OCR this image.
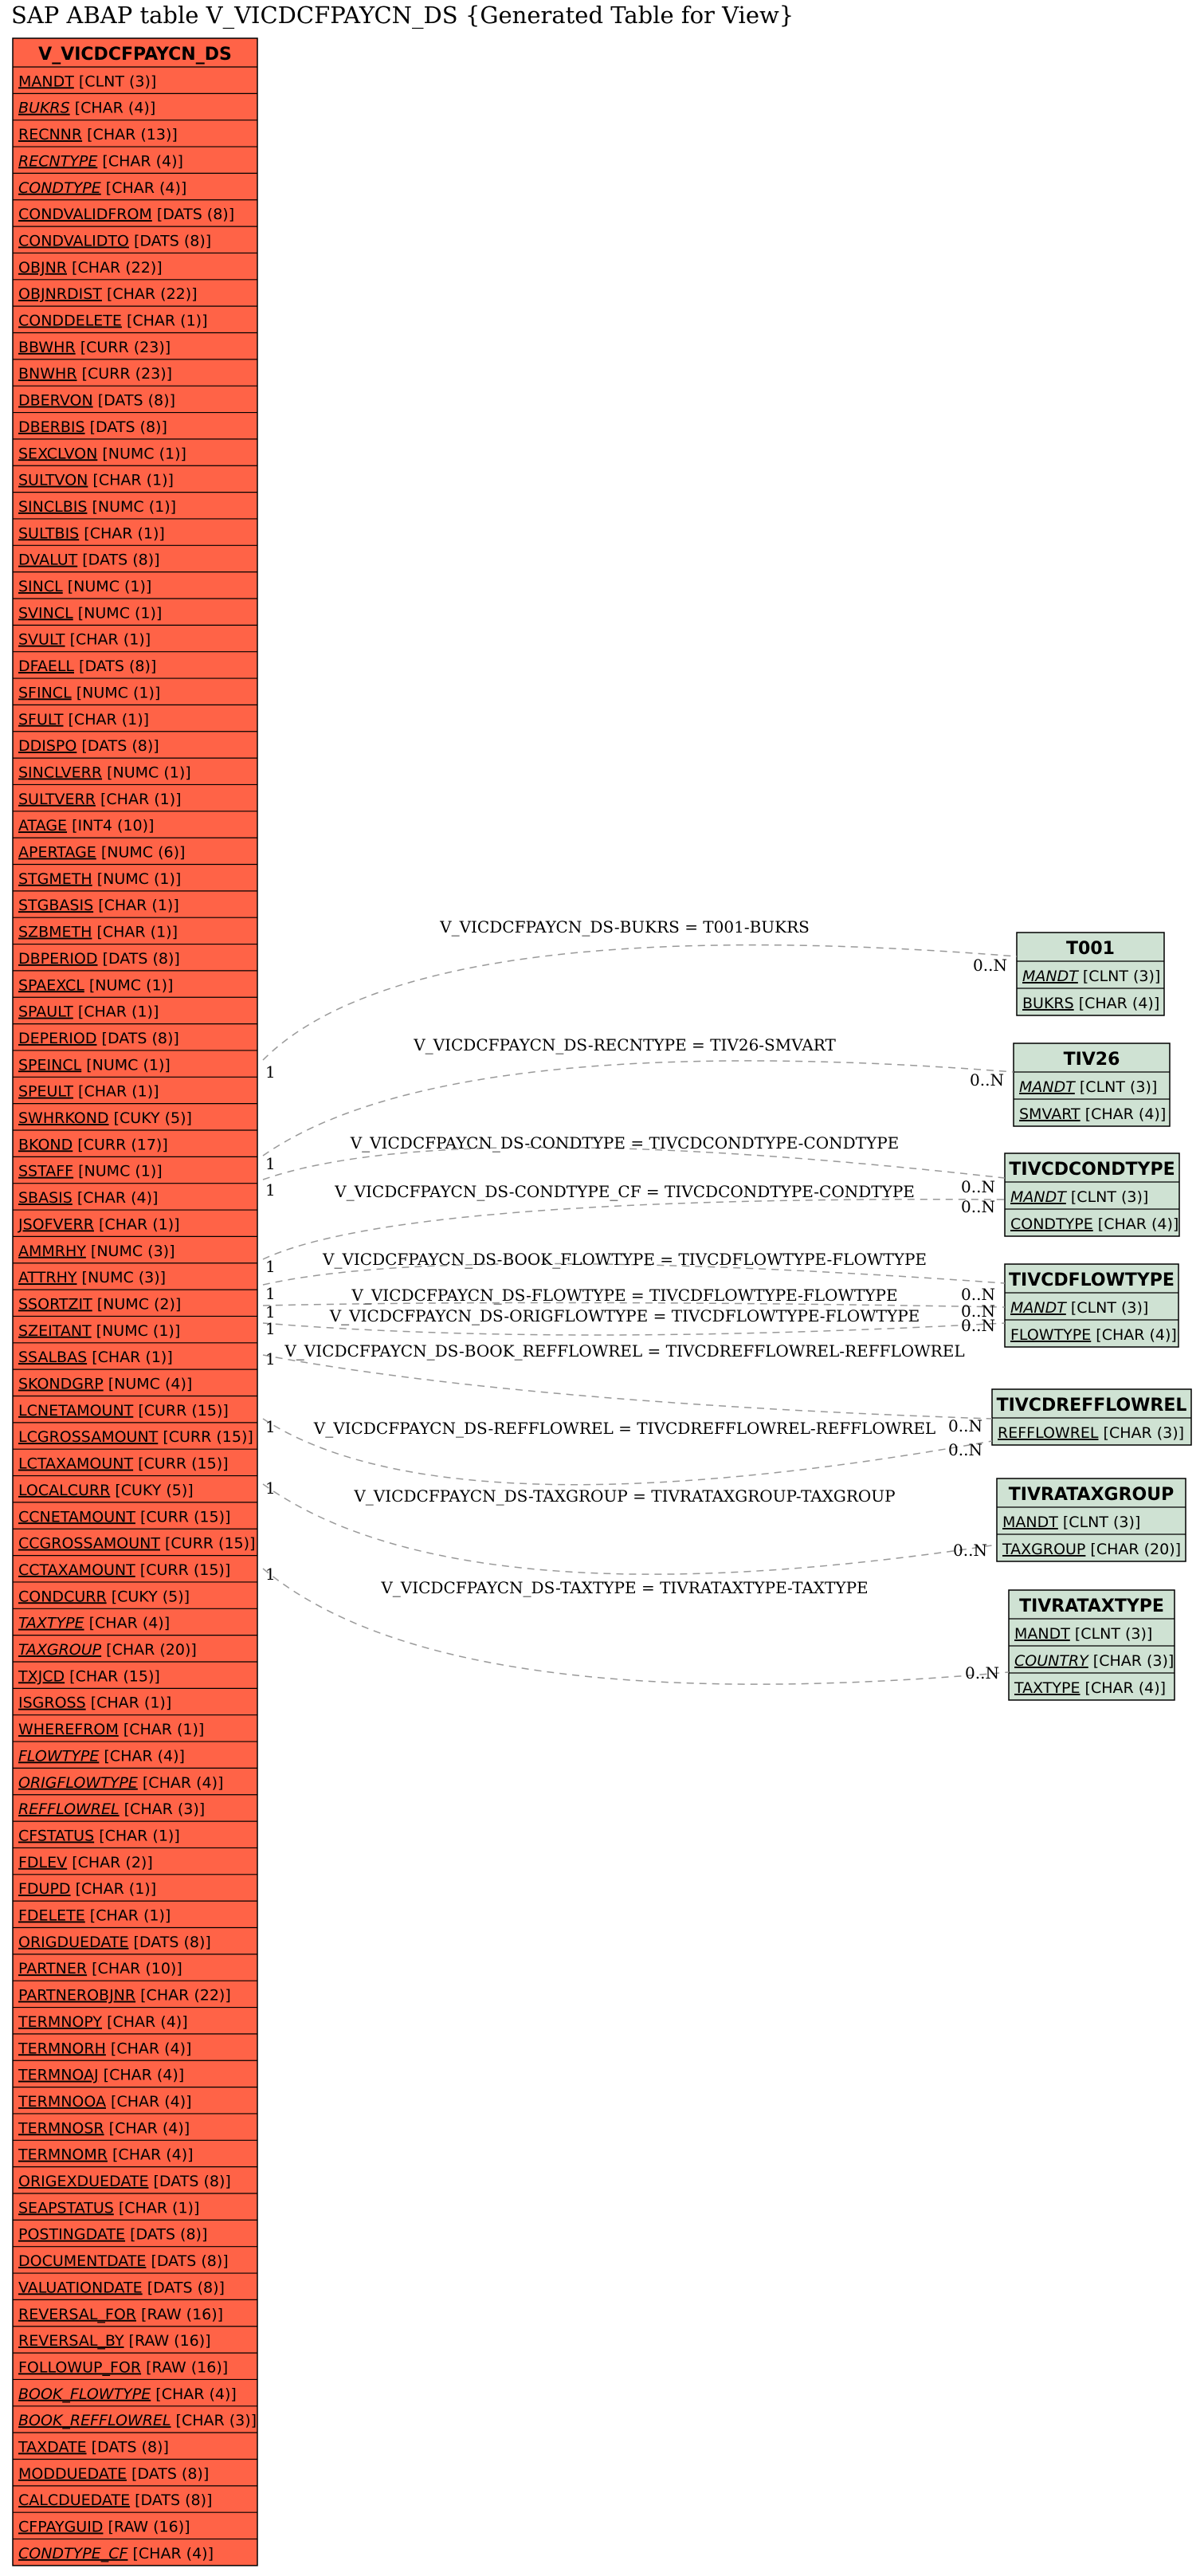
SAP ABAP table V_VICDCFPAYCN_DS {Generated Table for View}
V_VICDCFPAYCN_DS
MANDT [CLNT (3)]
BUKRS [CHAR (4)]
RECNNR [CHAR (13)]
RECNTYPE [CHAR (4)]
CONDTYPE [CHAR (4)]
CONDVALIDFROM [DATS (8)]
CONDVALIDTO [DATS (8)]
OBJNR [CHAR (22)]
OBJNRDIST [CHAR (22)]
CONDDELETE [CHAR (1)]
BBWHR [CURR (23)]
BNWHR [CURR (23)]
DBERVON [DATS (8)]
DBERBIS [DATS (8)]
SEXCLVON [NUMC (1)]
SULTVON [CHAR (1)]
SINCLBIS [NUMC (1)]
SULTBIS [CHAR (1)]
DVALUT [DATS (8)]
SINCL [NUMC (1)]
SVINCL [NUMC (1)]
SVULT [CHAR (1)]
DFAELL [DATS (8)]
SFINCL [NUMC (1)]
SFULT [CHAR (1)]
DDISPO [DATS (8)]
SINCLVERR [NUMC (1)]
SULTVERR [CHAR (1)]
ATAGE [INT4 (10)]
APERTAGE [NUMC (6)]
STGMETH [NUMC (1)]
STGBASIS [CHAR (1)]
SZBMETH [CHAR (1)]
DBPERIOD [DATS (8)]
SPAEXCL [NUMC (1)]
SPAULT [CHAR (1)]
DEPERIOD [DATS (8)]
SPEINCL [NUMC (1)]
SPEULT [CHAR (1)]
SWHRKOND [CUKY (5)]
BKOND [CURR (17)]
SSTAFF [NUMC (1)]
SBASIS [CHAR (4)]
JSOFVERR [CHAR (1)]
AMMRHY [NUMC (3)]
ATTRHY [NUMC (3)]
SSORTZIT [NUMC (2)]
SZEITANT [NUMC (1)]
SSALBAS [CHAR (1)]
SKONDGRP [NUMC (4)]
LCNETAMOUNT [CURR (15)]
LCGROSSAMOUNT [CURR (15)]
LCTAXAMOUNT [CURR (15)]
LOCALCURR [CUKY (5)]
CCNETAMOUNT [CURR (15)]
CCGROSSAMOUNT [CURR (15)]
CCTAXAMOUNT [CURR (15)]
CONDCURR [CUKY (5)]
TAXTYPE [CHAR (4)]
TAXGROUP [CHAR (20)]
TXJCD [CHAR (15)]
ISGROSS [CHAR (1)]
WHEREFROM [CHAR (1)]
FLOWTYPE [CHAR (4)]
ORIGFLOWTYPE [CHAR (4)]
REFFLOWREL [CHAR (3)]
CFSTATUS [CHAR (1)]
FDLEV [CHAR (2)]
FDUPD [CHAR (1)]
FDELETE [CHAR (1)]
ORIGDUEDATE [DATS (8)]
PARTNER [CHAR (10)]
PARTNEROBJNR [CHAR (22)]
TERMNOPY [CHAR (4)]
TERMNORH [CHAR (4)]
TERMNOAJ [CHAR (4)]
TERMNOOA [CHAR (4)]
TERMNOSR [CHAR (4)]
TERMNOMR [CHAR (4)]
ORIGEXDUEDATE [DATS (8)]
SEAPSTATUS [CHAR (1)]
POSTINGDATE [DATS (8)]
DOCUMENTDATE [DATS (8)]
VALUATIONDATE [DATS (8)]
REVERSAL_FOR [RAW (16)]
REVERSAL_BY [RAW (16)]
FOLLOWUP_FOR [RAW (16)]
BOOK_FLOWTYPE [CHAR (4)]
BOOK_REFFLOWREL [CHAR (3)]
TAXDATE [DATS (8)]
MODDUEDATE [DATS (8)]
CALCDUEDATE [DATS (8)]
CFPAYGUID [RAW (16)]
CONDTYPE_CF [CHAR (4)]
T001
MANDT [CLNT (3)]
BUKRS [CHAR (4)]
TIV26
MANDT [CLNT (3)]
SMVART [CHAR (4)]
TIVCDCONDTYPE
MANDT [CLNT (3)]
CONDTYPE [CHAR (4)]
TIVCDFLOWTYPE
MANDT [CLNT (3)]
FLOWTYPE [CHAR (4)]
TIVCDREFFLOWREL
REFFLOWREL [CHAR (3)]
TIVRATAXGROUP
MANDT [CLNT (3)]
TAXGROUP [CHAR (20)]
TIVRATAXTYPE
MANDT [CLNT (3)]
COUNTRY [CHAR (3)]
TAXTYPE [CHAR (4)]
V_VICDCFPAYCN_DS-BUKRS = T001-BUKRS
1
0..N
V_VICDCFPAYCN_DS-RECNTYPE = TIV26-SMVART
1
0..N
V_VICDCFPAYCN_DS-CONDTYPE = TIVCDCONDTYPE-CONDTYPE
1	0..N
V_VICDCFPAYCN_DS-CONDTYPE_CF = TIVCDCONDTYPE-CONDTYPE
1
0..N
V_VICDCFPAYCN_DS-BOOK_FLOWTYPE = TIVCDFLOWTYPE-FLOWTYPE
1	0..N
V_VICDCFPAYCN_DS-FLOWTYPE = TIVCDFLOWTYPE-FLOWTYPE
1	0..N
V_VICDCFPAYCN_DS-ORIGFLOWTYPE = TIVCDFLOWTYPE-FLOWTYPE
1	0..N
V_VICDCFPAYCN_DS-BOOK_REFFLOWREL = TIVCDREFFLOWREL-REFFLOWREL
1
0..N
V_VICDCFPAYCN_DS-REFFLOWREL = TIVCDREFFLOWREL-REFFLOWREL
1
0..N
V_VICDCFPAYCN_DS-TAXGROUP = TIVRATAXGROUP-TAXGROUP
1
0..N
V_VICDCFPAYCN_DS-TAXTYPE = TIVRATAXTYPE-TAXTYPE
1
0..N
